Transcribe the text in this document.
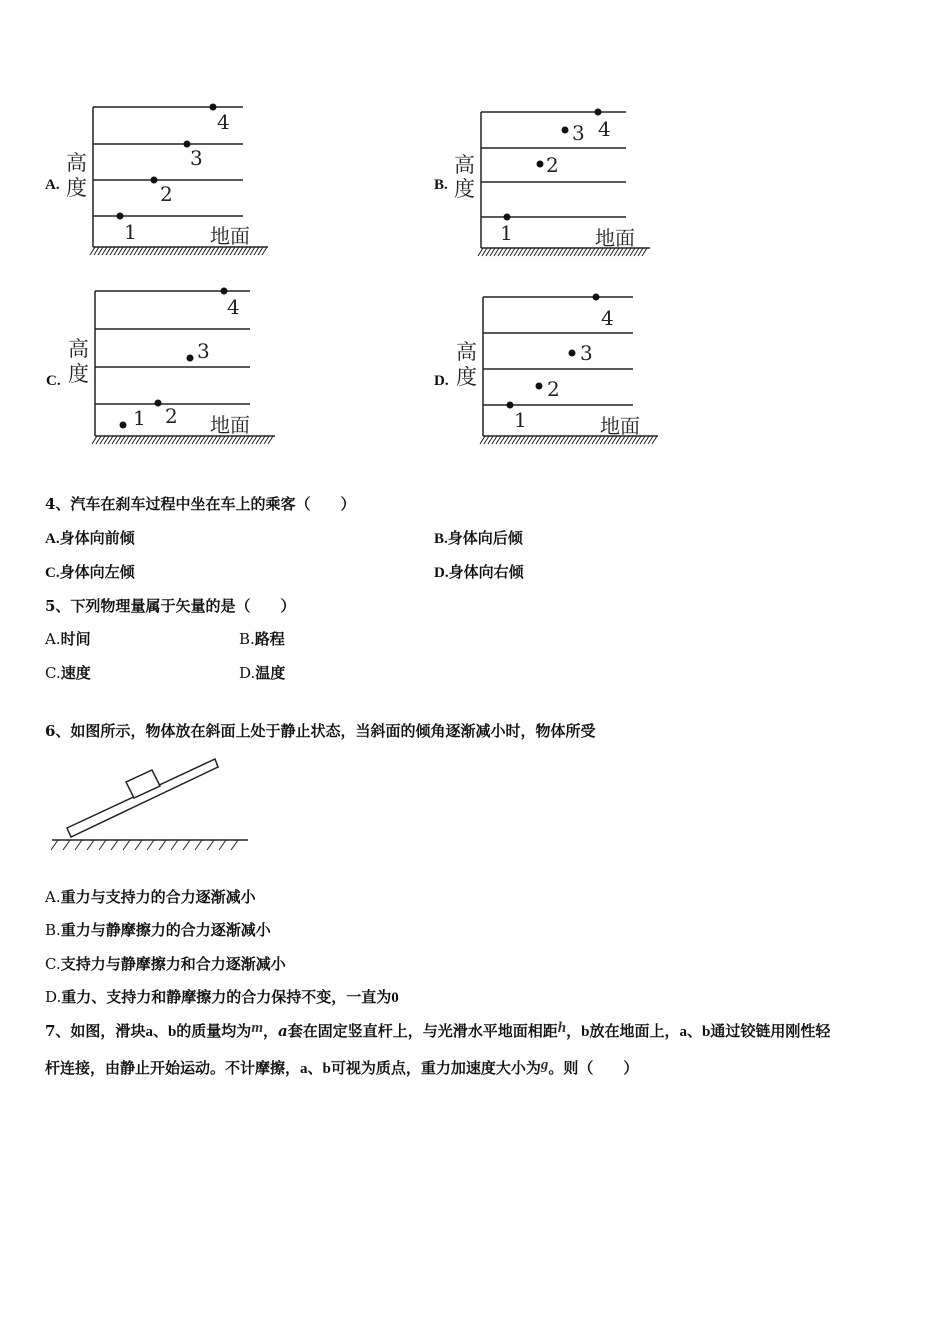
4
3
2
1
高
度
地面
A.
4
3
2
1
高
度
地面
B.
4
3
2
1
高
度
地面
C.
4
3
2
1
高
度
地面
D.
4、汽车在刹车过程中坐在车上的乘客（　　）
A.身体向前倾	B.身体向后倾
C.身体向左倾	D.身体向右倾
5、下列物理量属于矢量的是（　　）
A.时间	B.路程
C.速度	D.温度
6、如图所示，物体放在斜面上处于静止状态，当斜面的倾角逐渐减小时，物体所受
A.重力与支持力的合力逐渐减小
B.重力与静摩擦力的合力逐渐减小
C.支持力与静摩擦力和合力逐渐减小
D.重力、支持力和静摩擦力的合力保持不变，一直为0
7、如图，滑块a、b的质量均为m，a套在固定竖直杆上，与光滑水平地面相距h，b放在地面上，a、b通过铰链用刚性轻
杆连接，由静止开始运动。不计摩擦，a、b可视为质点，重力加速度大小为g。则（　　）
